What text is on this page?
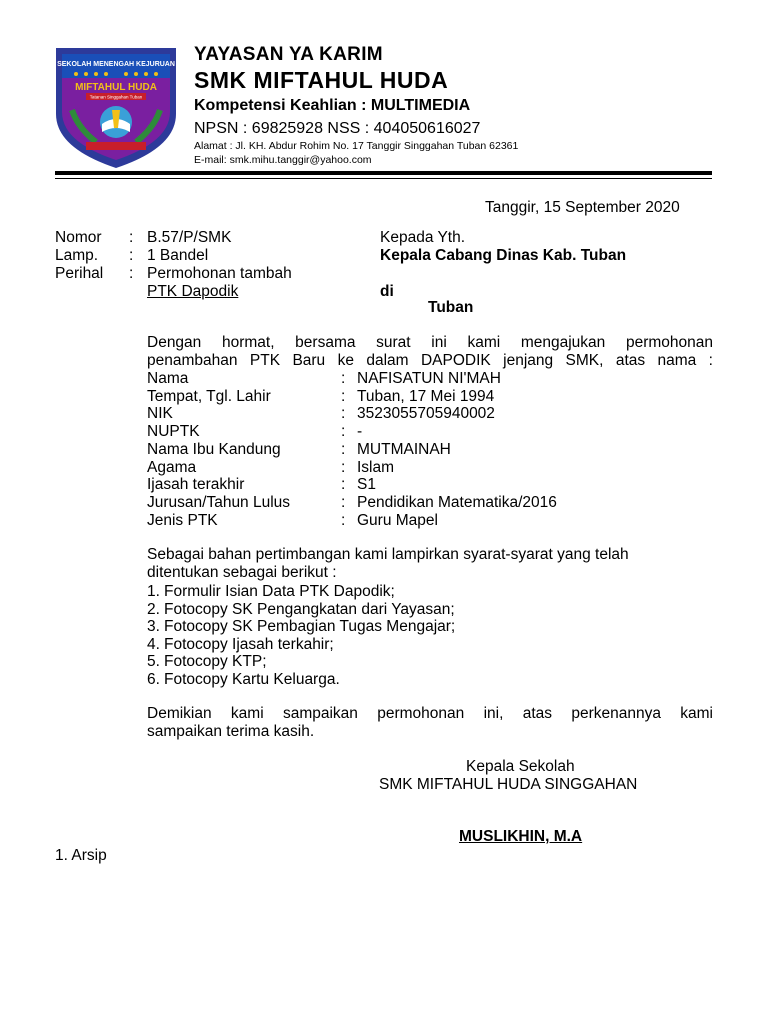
SEKOLAH MENENGAH KEJURUAN
MIFTAHUL HUDA
Tatanan Singgahan Tuban
YAYASAN YA KARIM
SMK MIFTAHUL HUDA
Kompetensi Keahlian : MULTIMEDIA
NPSN : 69825928 NSS : 404050616027
Alamat : Jl. KH. Abdur Rohim No. 17 Tanggir Singgahan Tuban 62361
E-mail: smk.mihu.tanggir@yahoo.com
Tanggir, 15 September 2020
Nomor : B.57/P/SMK
Lamp. : 1 Bandel
Perihal : Permohonan tambah
PTK Dapodik
Kepada Yth.
Kepala Cabang Dinas Kab. Tuban
di
Tuban
Dengan hormat, bersama surat ini kami mengajukan permohonan
penambahan PTK Baru ke dalam DAPODIK jenjang SMK, atas nama :
Nama	: NAFISATUN NI'MAH
Tempat, Tgl. Lahir	: Tuban, 17 Mei 1994
NIK	: 3523055705940002
NUPTK	: -
Nama Ibu Kandung	: MUTMAINAH
Agama	: Islam
Ijasah terakhir	: S1
Jurusan/Tahun Lulus	: Pendidikan Matematika/2016
Jenis PTK	: Guru Mapel
Sebagai bahan pertimbangan kami lampirkan syarat-syarat yang telah
ditentukan sebagai berikut :
1. Formulir Isian Data PTK Dapodik;
2. Fotocopy SK Pengangkatan dari Yayasan;
3. Fotocopy SK Pembagian Tugas Mengajar;
4. Fotocopy Ijasah terkahir;
5. Fotocopy KTP;
6. Fotocopy Kartu Keluarga.
Demikian kami sampaikan permohonan ini, atas perkenannya kami
sampaikan terima kasih.
Kepala Sekolah
SMK MIFTAHUL HUDA SINGGAHAN
MUSLIKHIN, M.A
1. Arsip
